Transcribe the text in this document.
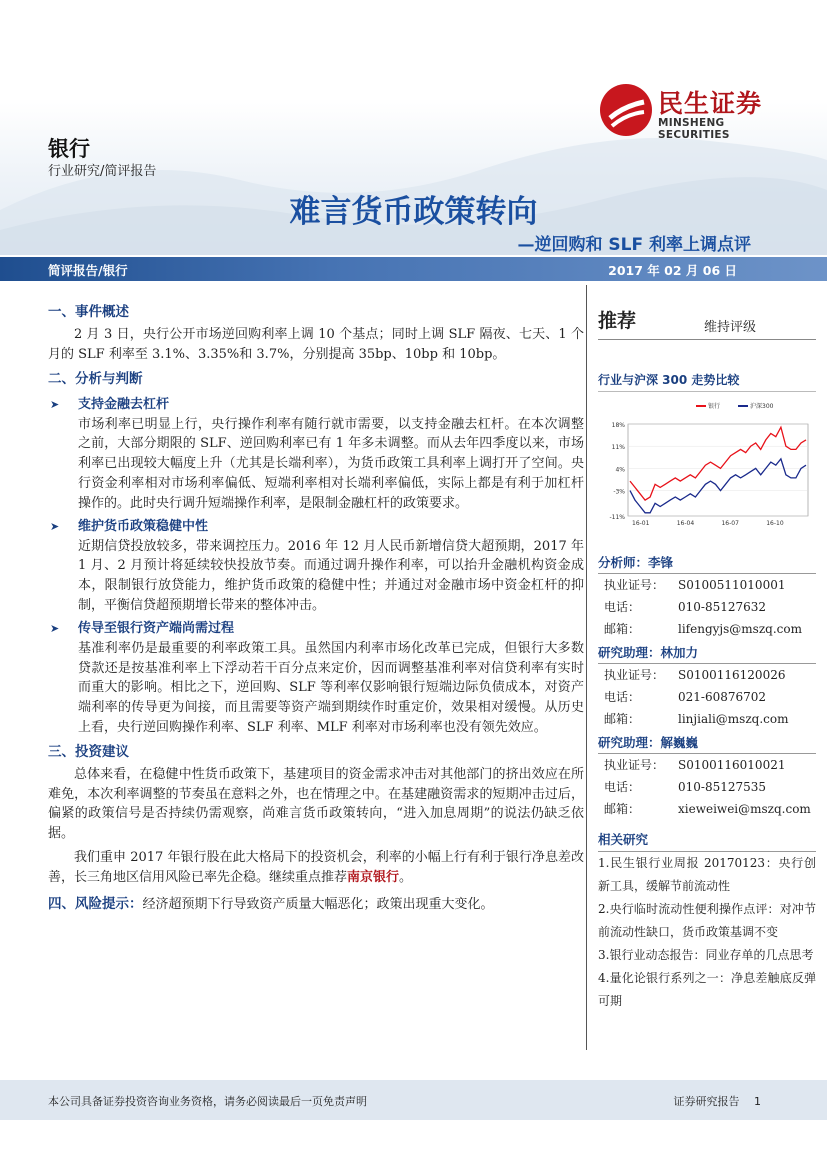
民生证券
MINSHENG SECURITIES
银行
行业研究/简评报告
难言货币政策转向
—逆回购和 SLF 利率上调点评
简评报告/银行	2017 年 02 月 06 日
一、事件概述

2 月 3 日，央行公开市场逆回购利率上调 10 个基点；同时上调 SLF 隔夜、七天、1 个月的 SLF 利率至 3.1%、3.35%和 3.7%，分别提高 35bp、10bp 和 10bp。

二、分析与判断
➤ 支持金融去杠杆

市场利率已明显上行，央行操作利率有随行就市需要，以支持金融去杠杆。在本次调整之前，大部分期限的 SLF、逆回购利率已有 1 年多未调整。而从去年四季度以来，市场利率已出现较大幅度上升（尤其是长端利率），为货币政策工具利率上调打开了空间。央行资金利率相对市场利率偏低、短端利率相对长端利率偏低，实际上都是有利于加杠杆操作的。此时央行调升短端操作利率，是限制金融杠杆的政策要求。

➤ 维护货币政策稳健中性

近期信贷投放较多，带来调控压力。2016 年 12 月人民币新增信贷大超预期，2017 年 1 月、2 月预计将延续较快投放节奏。而通过调升操作利率，可以抬升金融机构资金成本，限制银行放贷能力，维护货币政策的稳健中性；并通过对金融市场中资金杠杆的抑制，平衡信贷超预期增长带来的整体冲击。

➤ 传导至银行资产端尚需过程

基准利率仍是最重要的利率政策工具。虽然国内利率市场化改革已完成，但银行大多数贷款还是按基准利率上下浮动若干百分点来定价，因而调整基准利率对信贷利率有实时而重大的影响。相比之下，逆回购、SLF 等利率仅影响银行短端边际负债成本，对资产端利率的传导更为间接，而且需要等资产端到期续作时重定价，效果相对缓慢。从历史上看，央行逆回购操作利率、SLF 利率、MLF 利率对市场利率也没有领先效应。

三、投资建议

总体来看，在稳健中性货币政策下，基建项目的资金需求冲击对其他部门的挤出效应在所难免，本次利率调整的节奏虽在意料之外，也在情理之中。在基建融资需求的短期冲击过后，偏紧的政策信号是否持续仍需观察，尚难言货币政策转向，“进入加息周期”的说法仍缺乏依据。

我们重申 2017 年银行股在此大格局下的投资机会，利率的小幅上行有利于银行净息差改善，长三角地区信用风险已率先企稳。继续重点推荐南京银行。

四、风险提示：经济超预期下行导致资产质量大幅恶化；政策出现重大变化。
推荐	维持评级
行业与沪深 300 走势比较
18%
11%
4%
-3%
-11%
16-01	16-04	16-07	16-10
银行	沪深300
分析师：李锋
执业证号： S0100511010001
电话：	010-85127632
邮箱：	lifengyjs@mszq.com
研究助理：林加力
执业证号： S0100116120026
电话：	021-60876702
邮箱：	linjiali@mszq.com
研究助理：解巍巍
执业证号： S0100116010021
电话：	010-85127535
邮箱：	xieweiwei@mszq.com
相关研究
1.民生银行业周报 20170123：央行创新工具，缓解节前流动性
2.央行临时流动性便利操作点评：对冲节前流动性缺口，货币政策基调不变
3.银行业动态报告：同业存单的几点思考
4.量化论银行系列之一：净息差触底反弹可期
本公司具备证券投资咨询业务资格，请务必阅读最后一页免责声明	证券研究报告　 1
